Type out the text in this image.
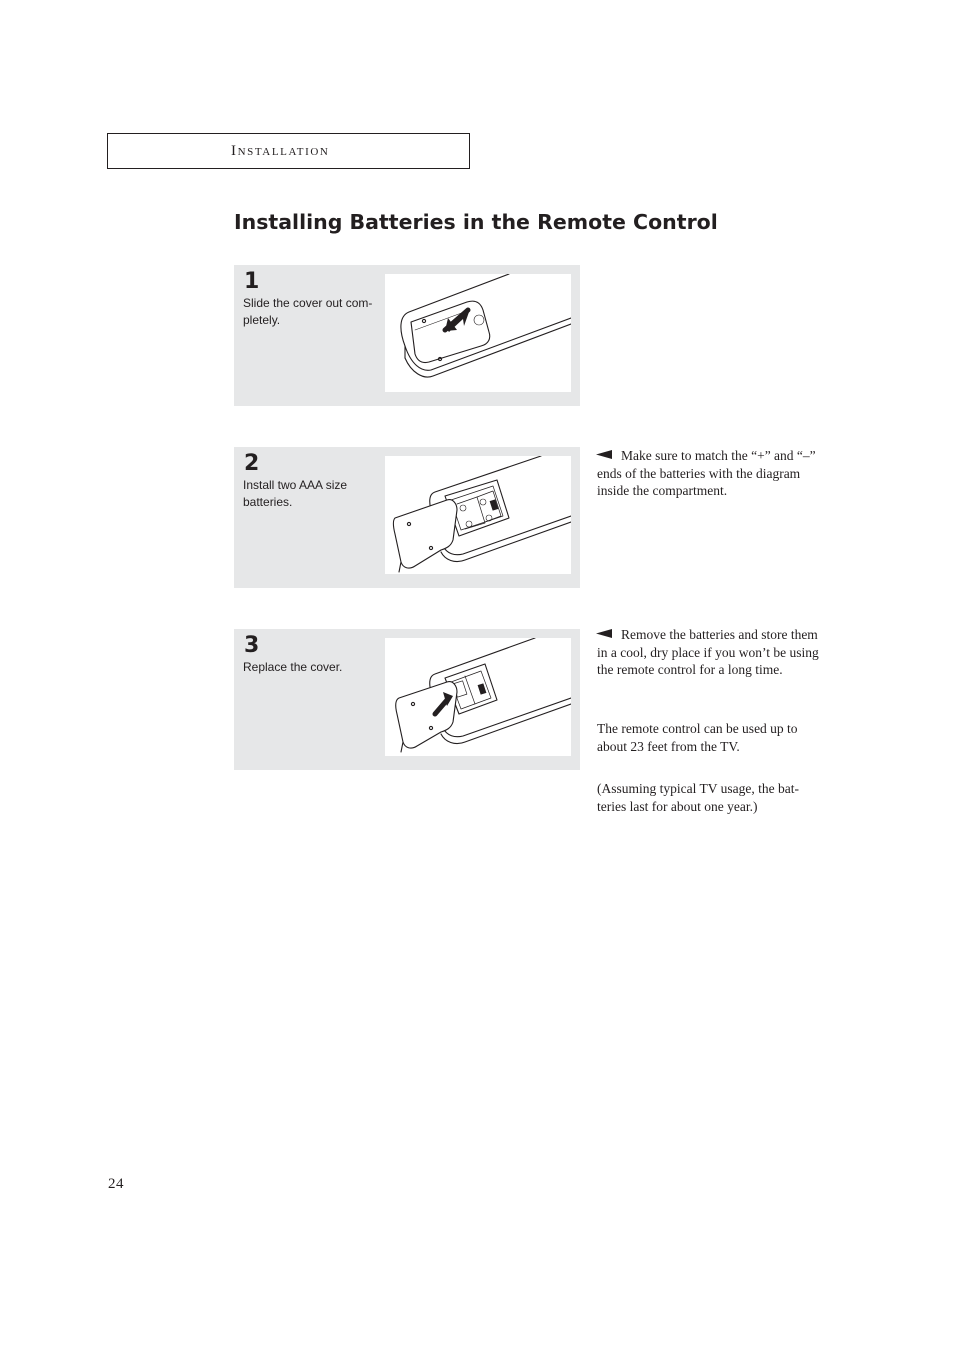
Installation
Installing Batteries in the Remote Control
1
Slide the cover out com-pletely.
2
Install two AAA size batteries.
3
Replace the cover.
Make sure to match the “+” and “–” ends of the batteries with the diagram inside the compartment.
Remove the batteries and store them in a cool, dry place if you won’t be using the remote control for a long time.
The remote control can be used up to about 23 feet from the TV.
(Assuming typical TV usage, the bat-teries last for about one year.)
24
